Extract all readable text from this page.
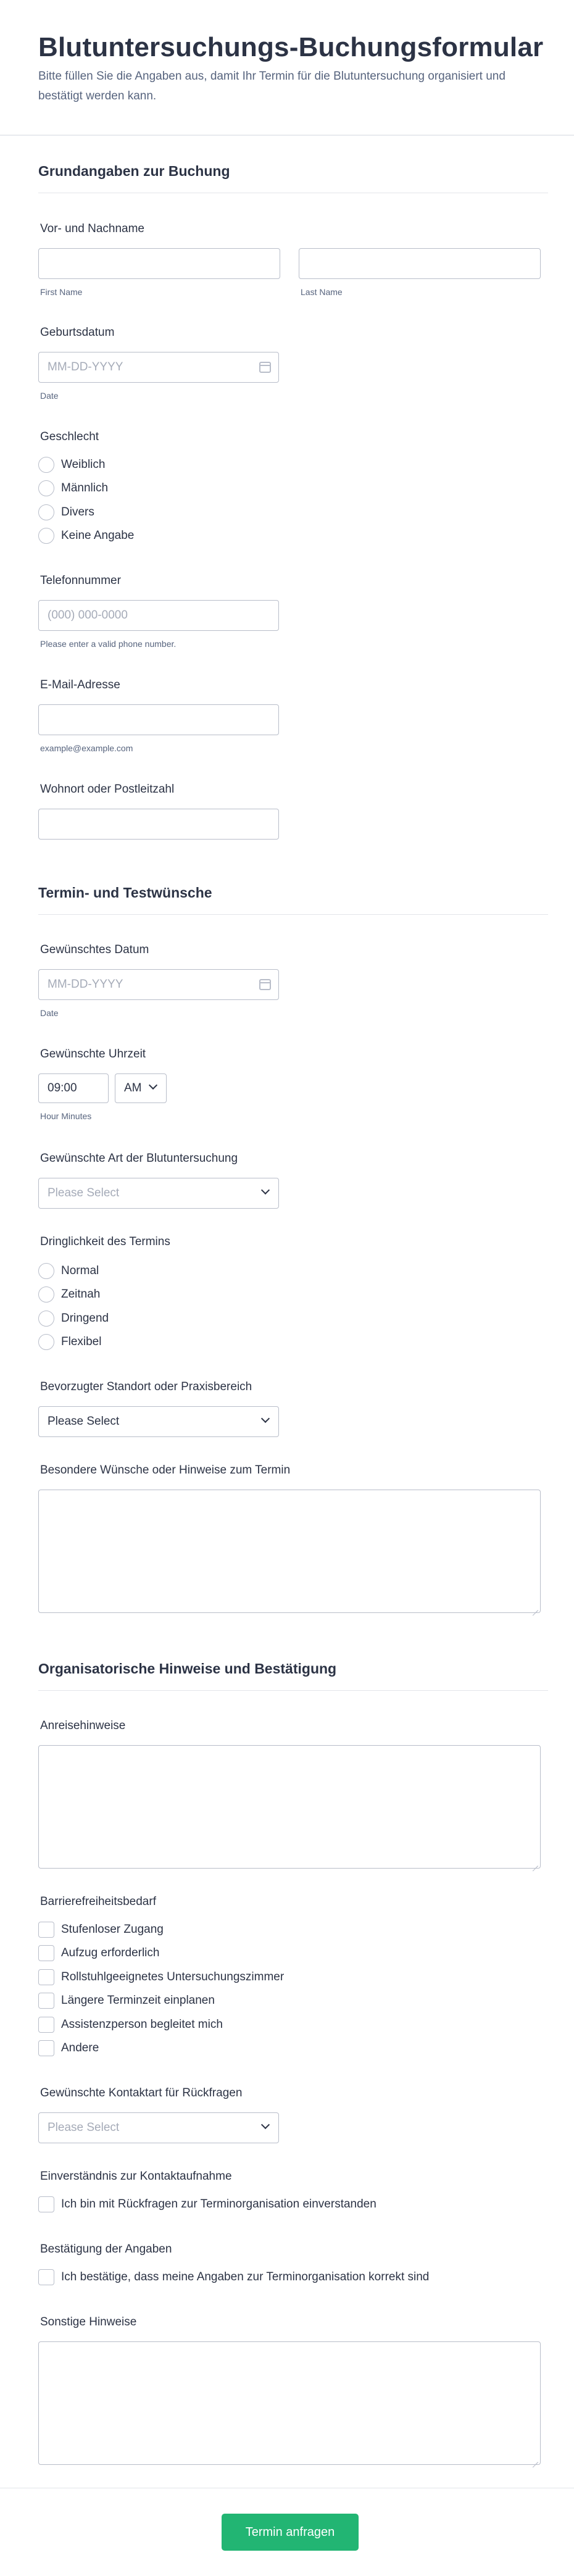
Blutuntersuchungs-Buchungsformular
Bitte füllen Sie die Angaben aus, damit Ihr Termin für die Blutuntersuchung organisiert und bestätigt werden kann.
Grundangaben zur Buchung
Vor- und Nachname
First Name	Last Name
Geburtsdatum
MM-DD-YYYY
Date
Geschlecht
Weiblich
Männlich
Divers
Keine Angabe
Telefonnummer
(000) 000-0000
Please enter a valid phone number.
E-Mail-Adresse
example@example.com
Wohnort oder Postleitzahl
Termin- und Testwünsche
Gewünschtes Datum
MM-DD-YYYY
Date
Gewünschte Uhrzeit
09:00	AM
Hour Minutes
Gewünschte Art der Blutuntersuchung
Please Select
Dringlichkeit des Termins
Normal
Zeitnah
Dringend
Flexibel
Bevorzugter Standort oder Praxisbereich
Please Select
Besondere Wünsche oder Hinweise zum Termin
Organisatorische Hinweise und Bestätigung
Anreisehinweise
Barrierefreiheitsbedarf
Stufenloser Zugang
Aufzug erforderlich
Rollstuhlgeeignetes Untersuchungszimmer
Längere Terminzeit einplanen
Assistenzperson begleitet mich
Andere
Gewünschte Kontaktart für Rückfragen
Please Select
Einverständnis zur Kontaktaufnahme
Ich bin mit Rückfragen zur Terminorganisation einverstanden
Bestätigung der Angaben
Ich bestätige, dass meine Angaben zur Terminorganisation korrekt sind
Sonstige Hinweise
Termin anfragen
